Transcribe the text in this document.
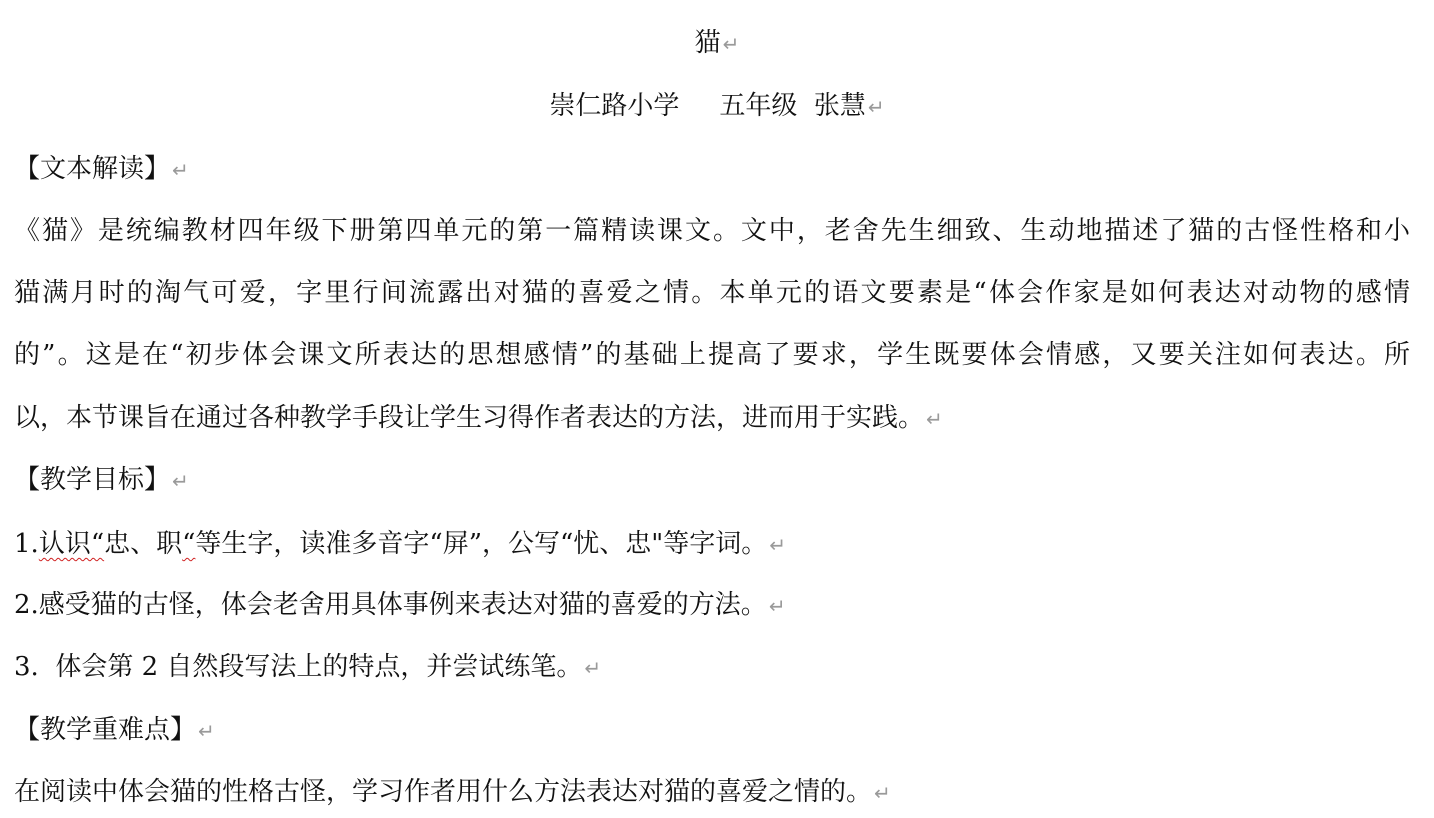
猫 ↵
崇仁路小学 五年级 张慧 ↵
【文本解读】 ↵
《猫》是统编教材四年级下册第四单元的第一篇精读课文。文中，老舍先生细致、生动地描述了猫的古怪性格和小
猫满月时的淘气可爱，字里行间流露出对猫的喜爱之情。本单元的语文要素是“体会作家是如何表达对动物的感情
的”。这是在“初步体会课文所表达的思想感情”的基础上提高了要求，学生既要体会情感，又要关注如何表达。所
以，本节课旨在通过各种教学手段让学生习得作者表达的方法，进而用于实践。 ↵
【教学目标】 ↵
1.认识“忠、职“等生字，读准多音字“屏”，公写“忧、忠"等字词。 ↵
2.感受猫的古怪，体会老舍用具体事例来表达对猫的喜爱的方法。 ↵
3.  体会第 2 自然段写法上的特点，并尝试练笔。 ↵
【教学重难点】 ↵
在阅读中体会猫的性格古怪，学习作者用什么方法表达对猫的喜爱之情的。 ↵
